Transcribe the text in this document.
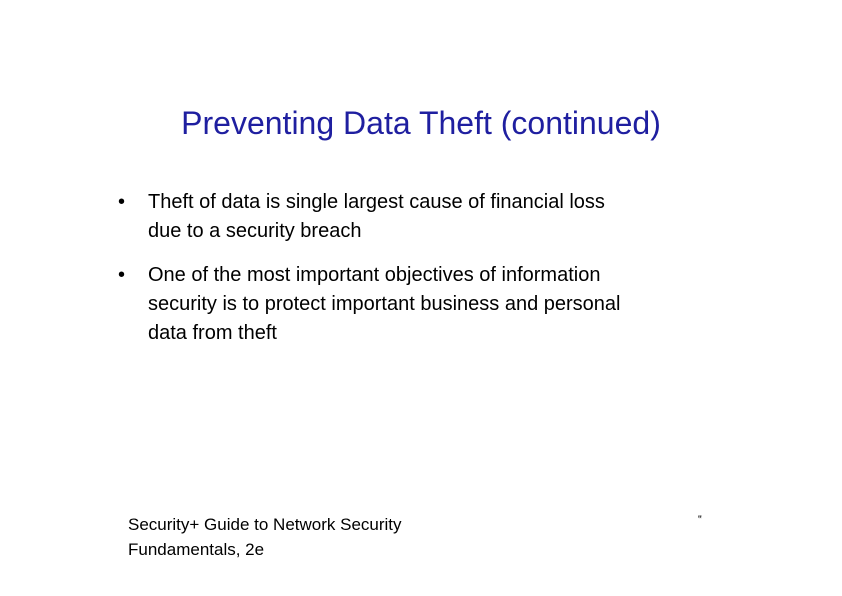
Preventing Data Theft (continued)
•	Theft of data is single largest cause of financial loss
due to a security breach
•	One of the most important objectives of information
security is to protect important business and personal
data from theft
Security+ Guide to Network Security
Fundamentals, 2e
‟
